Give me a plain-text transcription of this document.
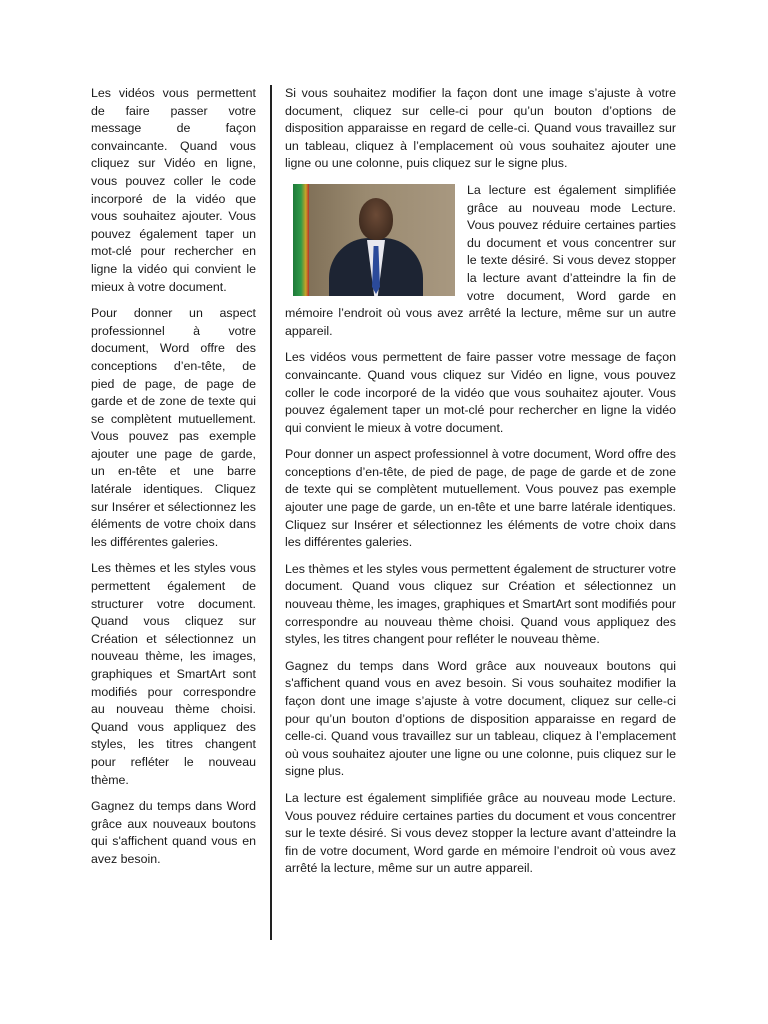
Les vidéos vous permettent de faire passer votre message de façon convaincante. Quand vous cliquez sur Vidéo en ligne, vous pouvez coller le code incorporé de la vidéo que vous souhaitez ajouter. Vous pouvez également taper un mot-clé pour rechercher en ligne la vidéo qui convient le mieux à votre document.

Pour donner un aspect professionnel à votre document, Word offre des conceptions d’en-tête, de pied de page, de page de garde et de zone de texte qui se complètent mutuellement. Vous pouvez pas exemple ajouter une page de garde, un en-tête et une barre latérale identiques. Cliquez sur Insérer et sélectionnez les éléments de votre choix dans les différentes galeries.

Les thèmes et les styles vous permettent également de structurer votre document. Quand vous cliquez sur Création et sélectionnez un nouveau thème, les images, graphiques et SmartArt sont modifiés pour correspondre au nouveau thème choisi. Quand vous appliquez des styles, les titres changent pour refléter le nouveau thème.

Gagnez du temps dans Word grâce aux nouveaux boutons qui s'affichent quand vous en avez besoin.

Si vous souhaitez modifier la façon dont une image s’ajuste à votre document, cliquez sur celle-ci pour qu’un bouton d’options de disposition apparaisse en regard de celle-ci. Quand vous travaillez sur un tableau, cliquez à l’emplacement où vous souhaitez ajouter une ligne ou une colonne, puis cliquez sur le signe plus.

La lecture est également simplifiée grâce au nouveau mode Lecture. Vous pouvez réduire certaines parties du document et vous concentrer sur le texte désiré. Si vous devez stopper la lecture avant d’atteindre la fin de votre document, Word garde en mémoire l’endroit où vous avez arrêté la lecture, même sur un autre appareil.

Les vidéos vous permettent de faire passer votre message de façon convaincante. Quand vous cliquez sur Vidéo en ligne, vous pouvez coller le code incorporé de la vidéo que vous souhaitez ajouter. Vous pouvez également taper un mot-clé pour rechercher en ligne la vidéo qui convient le mieux à votre document.

Pour donner un aspect professionnel à votre document, Word offre des conceptions d’en-tête, de pied de page, de page de garde et de zone de texte qui se complètent mutuellement. Vous pouvez pas exemple ajouter une page de garde, un en-tête et une barre latérale identiques. Cliquez sur Insérer et sélectionnez les éléments de votre choix dans les différentes galeries.

Les thèmes et les styles vous permettent également de structurer votre document. Quand vous cliquez sur Création et sélectionnez un nouveau thème, les images, graphiques et SmartArt sont modifiés pour correspondre au nouveau thème choisi. Quand vous appliquez des styles, les titres changent pour refléter le nouveau thème.

Gagnez du temps dans Word grâce aux nouveaux boutons qui s'affichent quand vous en avez besoin. Si vous souhaitez modifier la façon dont une image s’ajuste à votre document, cliquez sur celle-ci pour qu’un bouton d’options de disposition apparaisse en regard de celle-ci. Quand vous travaillez sur un tableau, cliquez à l’emplacement où vous souhaitez ajouter une ligne ou une colonne, puis cliquez sur le signe plus.

La lecture est également simplifiée grâce au nouveau mode Lecture. Vous pouvez réduire certaines parties du document et vous concentrer sur le texte désiré. Si vous devez stopper la lecture avant d’atteindre la fin de votre document, Word garde en mémoire l’endroit où vous avez arrêté la lecture, même sur un autre appareil.
